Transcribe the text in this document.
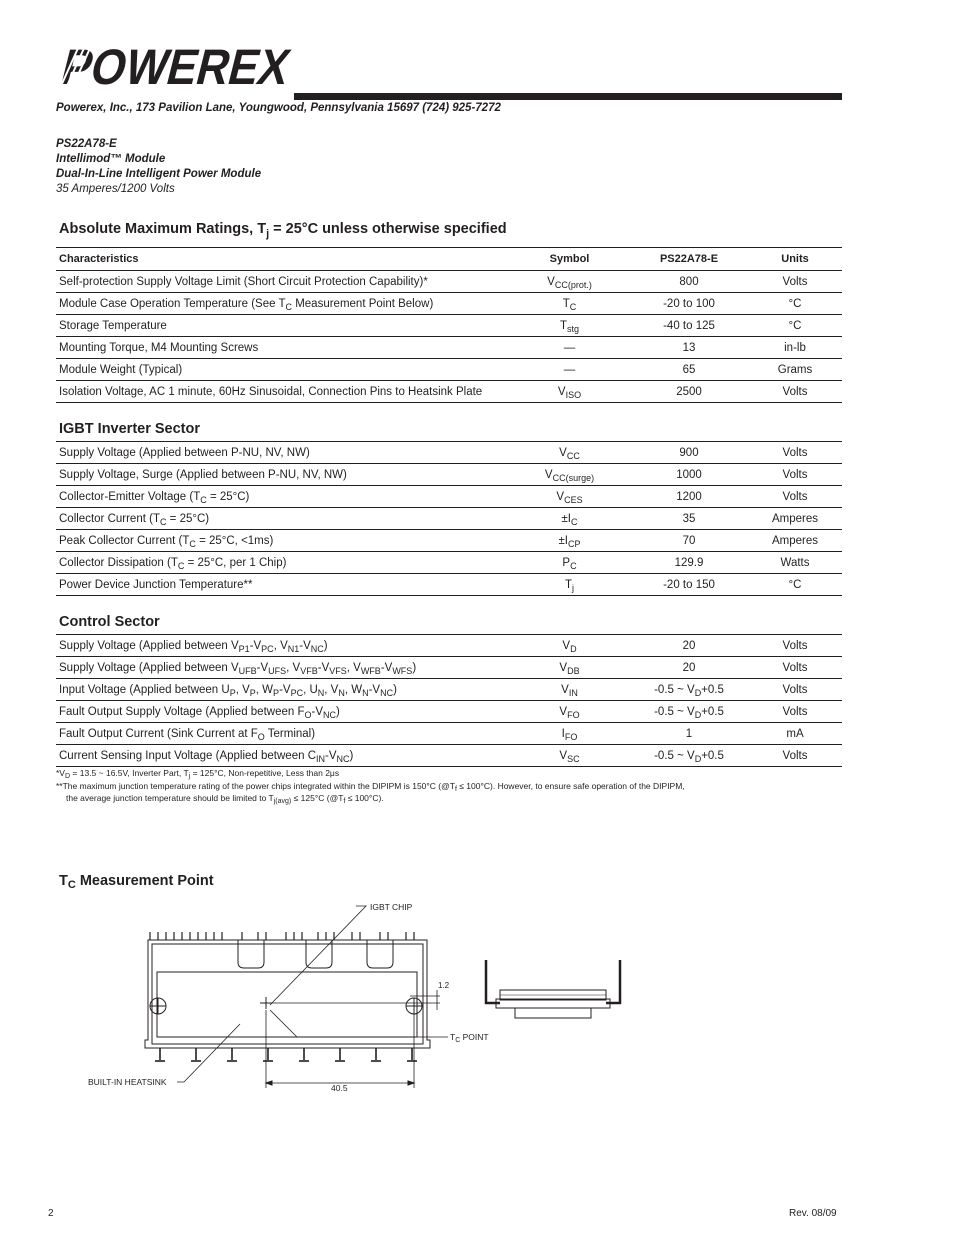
POWEREX
Powerex, Inc., 173 Pavilion Lane, Youngwood, Pennsylvania 15697 (724) 925-7272
PS22A78-E
Intellimod™ Module
Dual-In-Line Intelligent Power Module
35 Amperes/1200 Volts
Absolute Maximum Ratings, $T_j = 25^\circ C$ unless otherwise specified
Characteristics	Symbol	PS22A78-E	Units
Self-protection Supply Voltage Limit (Short Circuit Protection Capability)*	$V_{CC(prot.)}$	800	Volts
Module Case Operation Temperature (See $T_C$ Measurement Point Below)	$T_C$	-20 to 100	°C
Storage Temperature	$T_{stg}$	-40 to 125	°C
Mounting Torque, M4 Mounting Screws	—	13	in-lb
Module Weight (Typical)	—	65	Grams
Isolation Voltage, AC 1 minute, 60Hz Sinusoidal, Connection Pins to Heatsink Plate	$V_{ISO}$	2500	Volts
IGBT Inverter Sector
Supply Voltage (Applied between P-NU, NV, NW)	$V_{CC}$	900	Volts
Supply Voltage, Surge (Applied between P-NU, NV, NW)	$V_{CC(surge)}$	1000	Volts
Collector-Emitter Voltage $(T_C = 25^\circ C)$	$V_{CES}$	1200	Volts
Collector Current $(T_C = 25^\circ C)$	$\pm I_C$	35	Amperes
Peak Collector Current ($T_C = 25^\circ C$, <1ms)	$\pm I_{CP}$	70	Amperes
Collector Dissipation ($T_C = 25^\circ C$, per 1 Chip)	$P_C$	129.9	Watts
Power Device Junction Temperature**	$T_j$	-20 to 150	°C
Control Sector
Supply Voltage (Applied between $V_{P1}-V_{PC}$, $V_{N1}-V_{NC}$)	$V_D$	20	Volts
Supply Voltage (Applied between $V_{UFB}-V_{UFS}$, $V_{VFB}-V_{VFS}$, $V_{WFB}-V_{WFS}$)	$V_{DB}$	20	Volts
Input Voltage (Applied between $U_P$, $V_P$, $W_P-V_{PC}$, $U_N$, $V_N$, $W_N-V_{NC}$)	$V_{IN}$	-0.5 ~ $V_D+0.5$	Volts
Fault Output Supply Voltage (Applied between $F_O-V_{NC}$)	$V_{FO}$	-0.5 ~ $V_D+0.5$	Volts
Fault Output Current (Sink Current at $F_O$ Terminal)	$I_{FO}$	1	mA
Current Sensing Input Voltage (Applied between $C_{IN}-V_{NC}$)	$V_{SC}$	-0.5 ~ $V_D+0.5$	Volts
$*V_D = 13.5$ ~ 16.5V, Inverter Part, $T_j = 125^\circ C$, Non-repetitive, Less than 2μs
**The maximum junction temperature rating of the power chips integrated within the DIPIPM is 150°C $(@T_f \le 100^\circ C)$. However, to ensure safe operation of the DIPIPM,
the average junction temperature should be limited to $T_{j(avg)} \le 125^\circ C$ $(@T_f \le 100^\circ C)$.
$T_C$ Measurement Point
IGBT CHIP
1.2
$T_C$ POINT
BUILT-IN HEATSINK
40.5
2	Rev. 08/09
